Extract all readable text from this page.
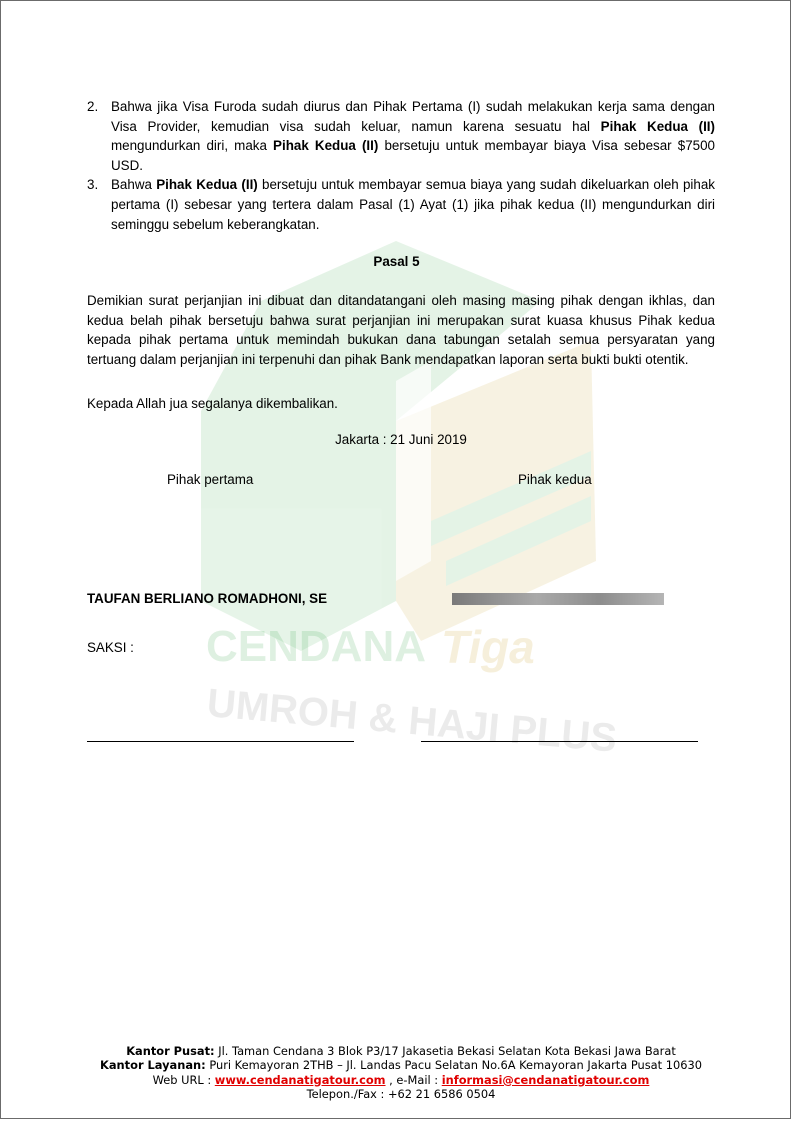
CENDANA Tiga
UMROH & HAJI PLUS
2. Bahwa jika Visa Furoda sudah diurus dan Pihak Pertama (I) sudah melakukan kerja sama dengan Visa Provider, kemudian visa sudah keluar, namun karena sesuatu hal Pihak Kedua (II) mengundurkan diri, maka Pihak Kedua (II) bersetuju untuk membayar biaya Visa sebesar $7500 USD.
3. Bahwa Pihak Kedua (II) bersetuju untuk membayar semua biaya yang sudah dikeluarkan oleh pihak pertama (I) sebesar yang tertera dalam Pasal (1) Ayat (1) jika pihak kedua (II) mengundurkan diri seminggu sebelum keberangkatan.
Pasal 5
Demikian surat perjanjian ini dibuat dan ditandatangani oleh masing masing pihak dengan ikhlas, dan kedua belah pihak bersetuju bahwa surat perjanjian ini merupakan surat kuasa khusus Pihak kedua kepada pihak pertama untuk memindah bukukan dana tabungan setalah semua persyaratan yang tertuang dalam perjanjian ini terpenuhi dan pihak Bank mendapatkan laporan serta bukti bukti otentik.
Kepada Allah jua segalanya dikembalikan.
Jakarta : 21 Juni 2019
Pihak pertama	Pihak kedua
TAUFAN BERLIANO ROMADHONI, SE
SAKSI :
Kantor Pusat: Jl. Taman Cendana 3 Blok P3/17 Jakasetia Bekasi Selatan Kota Bekasi Jawa Barat
Kantor Layanan: Puri Kemayoran 2THB – Jl. Landas Pacu Selatan No.6A Kemayoran Jakarta Pusat 10630
Web URL : www.cendanatigatour.com , e-Mail : informasi@cendanatigatour.com
Telepon./Fax : +62 21 6586 0504
